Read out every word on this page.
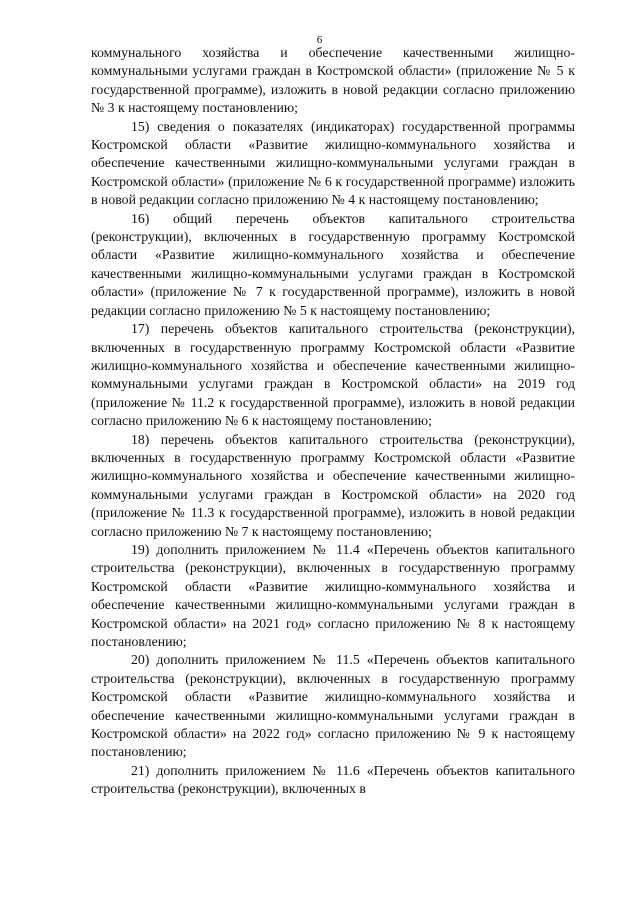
6

коммунального хозяйства и обеспечение качественными жилищно-коммунальными услугами граждан в Костромской области» (приложение № 5 к государственной программе), изложить в новой редакции согласно приложению № 3 к настоящему постановлению;

15) сведения о показателях (индикаторах) государственной программы Костромской области «Развитие жилищно-коммунального хозяйства и обеспечение качественными жилищно-коммунальными услугами граждан в Костромской области» (приложение № 6 к государственной программе) изложить в новой редакции согласно приложению № 4 к настоящему постановлению;

16) общий перечень объектов капитального строительства (реконструкции), включенных в государственную программу Костромской области «Развитие жилищно-коммунального хозяйства и обеспечение качественными жилищно-коммунальными услугами граждан в Костромской области» (приложение № 7 к государственной программе), изложить в новой редакции согласно приложению № 5 к настоящему постановлению;

17) перечень объектов капитального строительства (реконструкции), включенных в государственную программу Костромской области «Развитие жилищно-коммунального хозяйства и обеспечение качественными жилищно-коммунальными услугами граждан в Костромской области» на 2019 год (приложение № 11.2 к государственной программе), изложить в новой редакции согласно приложению № 6 к настоящему постановлению;

18) перечень объектов капитального строительства (реконструкции), включенных в государственную программу Костромской области «Развитие жилищно-коммунального хозяйства и обеспечение качественными жилищно-коммунальными услугами граждан в Костромской области» на 2020 год (приложение № 11.3 к государственной программе), изложить в новой редакции согласно приложению № 7 к настоящему постановлению;

19) дополнить приложением № 11.4 «Перечень объектов капитального строительства (реконструкции), включенных в государственную программу Костромской области «Развитие жилищно-коммунального хозяйства и обеспечение качественными жилищно-коммунальными услугами граждан в Костромской области» на 2021 год» согласно приложению № 8 к настоящему постановлению;

20) дополнить приложением № 11.5 «Перечень объектов капитального строительства (реконструкции), включенных в государственную программу Костромской области «Развитие жилищно-коммунального хозяйства и обеспечение качественными жилищно-коммунальными услугами граждан в Костромской области» на 2022 год» согласно приложению № 9 к настоящему постановлению;

21) дополнить приложением № 11.6 «Перечень объектов капитального строительства (реконструкции), включенных в
